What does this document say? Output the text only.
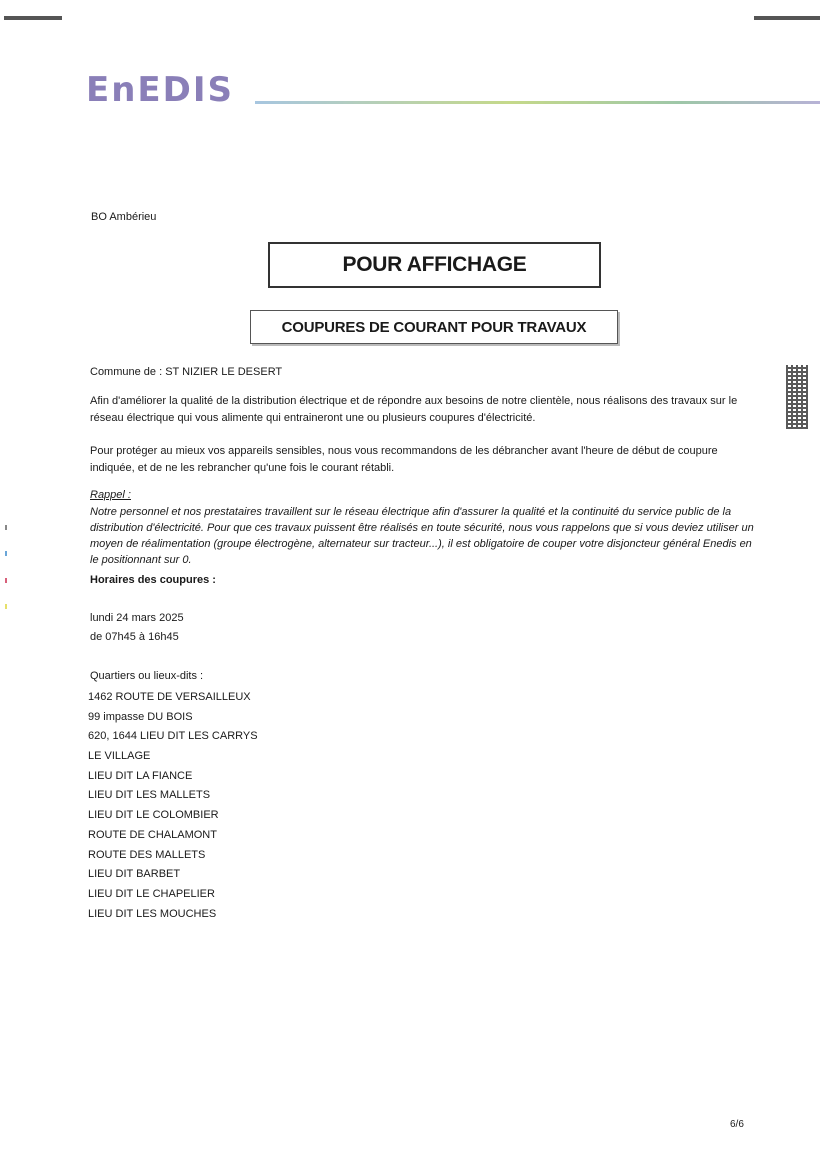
EnEDIS
BO Ambérieu
POUR AFFICHAGE
COUPURES DE COURANT POUR TRAVAUX
Commune de : ST NIZIER LE DESERT
Afin d'améliorer la qualité de la distribution électrique et de répondre aux besoins de notre clientèle, nous réalisons des travaux sur le réseau électrique qui vous alimente qui entraineront une ou plusieurs coupures d'électricité.
Pour protéger au mieux vos appareils sensibles, nous vous recommandons de les débrancher avant l'heure de début de coupure indiquée, et de ne les rebrancher qu'une fois le courant rétabli.
Rappel :
Notre personnel et nos prestataires travaillent sur le réseau électrique afin d'assurer la qualité et la continuité du service public de la distribution d'électricité. Pour que ces travaux puissent être réalisés en toute sécurité, nous vous rappelons que si vous deviez utiliser un moyen de réalimentation (groupe électrogène, alternateur sur tracteur...), il est obligatoire de couper votre disjoncteur général Enedis en le positionnant sur 0.
Horaires des coupures :
lundi 24 mars 2025
de 07h45 à 16h45
Quartiers ou lieux-dits :
1462 ROUTE DE VERSAILLEUX
99 impasse DU BOIS
620, 1644 LIEU DIT LES CARRYS
LE VILLAGE
LIEU DIT LA FIANCE
LIEU DIT LES MALLETS
LIEU DIT LE COLOMBIER
ROUTE DE CHALAMONT
ROUTE DES MALLETS
LIEU DIT BARBET
LIEU DIT LE CHAPELIER
LIEU DIT LES MOUCHES
6/6
